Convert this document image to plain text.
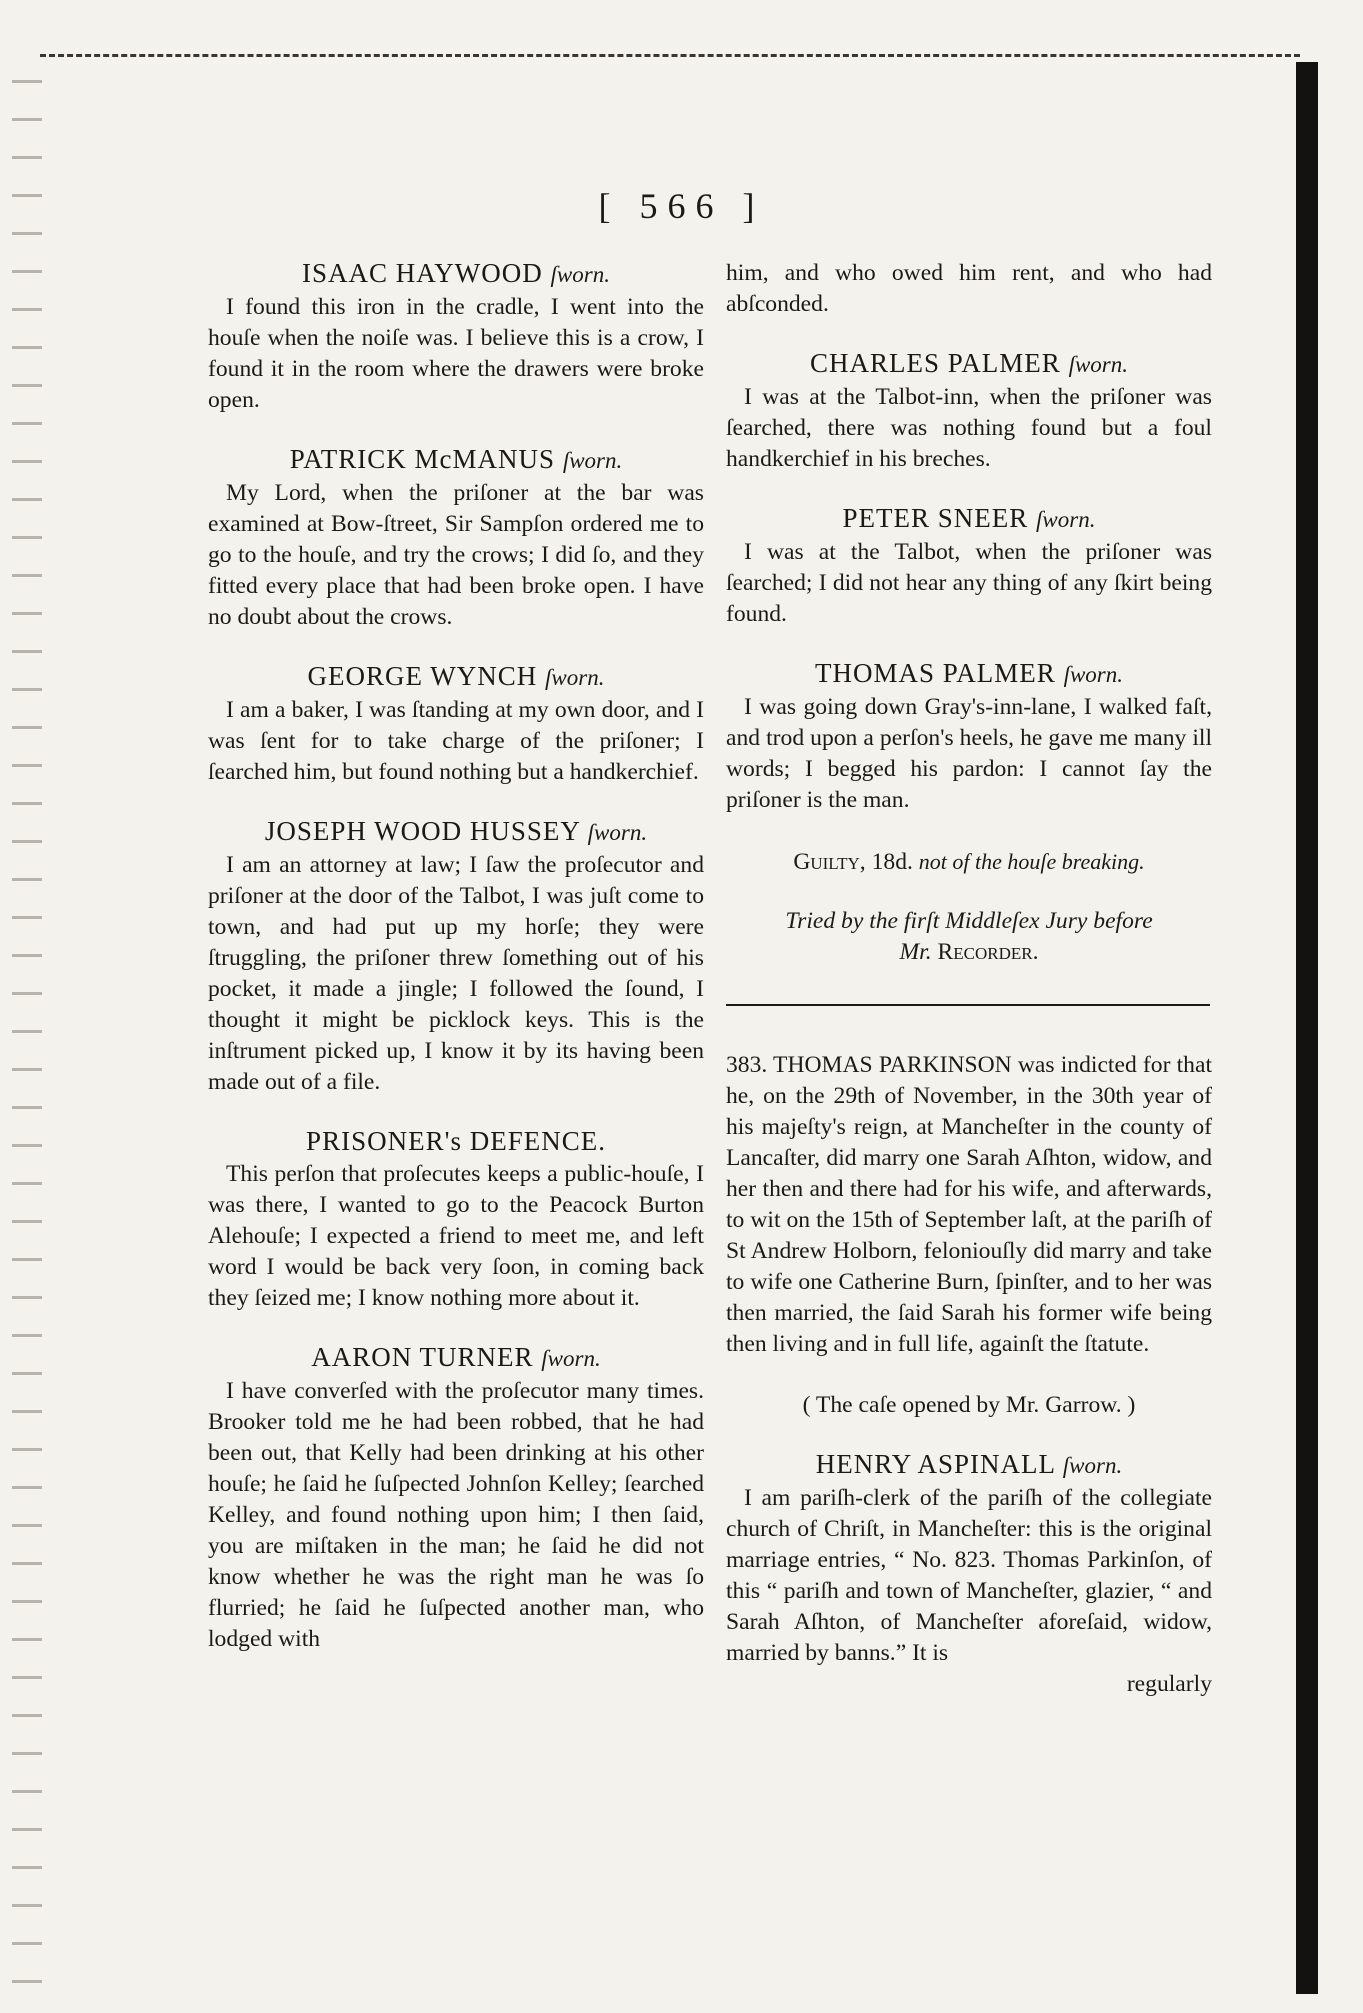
[ 566 ]
ISAAC HAYWOOD ſworn.

I found this iron in the cradle, I went into the houſe when the noiſe was. I believe this is a crow, I found it in the room where the drawers were broke open.

PATRICK McMANUS ſworn.

My Lord, when the priſoner at the bar was examined at Bow-ſtreet, Sir Sampſon ordered me to go to the houſe, and try the crows; I did ſo, and they fitted every place that had been broke open. I have no doubt about the crows.

GEORGE WYNCH ſworn.

I am a baker, I was ſtanding at my own door, and I was ſent for to take charge of the priſoner; I ſearched him, but found nothing but a handkerchief.

JOSEPH WOOD HUSSEY ſworn.

I am an attorney at law; I ſaw the proſecutor and priſoner at the door of the Talbot, I was juſt come to town, and had put up my horſe; they were ſtruggling, the priſoner threw ſomething out of his pocket, it made a jingle; I followed the ſound, I thought it might be picklock keys. This is the inſtrument picked up, I know it by its having been made out of a file.

PRISONER's DEFENCE.

This perſon that proſecutes keeps a public-houſe, I was there, I wanted to go to the Peacock Burton Alehouſe; I expected a friend to meet me, and left word I would be back very ſoon, in coming back they ſeized me; I know nothing more about it.

AARON TURNER ſworn.

I have converſed with the proſecutor many times. Brooker told me he had been robbed, that he had been out, that Kelly had been drinking at his other houſe; he ſaid he ſuſpected Johnſon Kelley; ſearched Kelley, and found nothing upon him; I then ſaid, you are miſtaken in the man; he ſaid he did not know whether he was the right man he was ſo flurried; he ſaid he ſuſpected another man, who lodged with

him, and who owed him rent, and who had abſconded.

CHARLES PALMER ſworn.

I was at the Talbot-inn, when the priſoner was ſearched, there was nothing found but a foul handkerchief in his breches.

PETER SNEER ſworn.

I was at the Talbot, when the priſoner was ſearched; I did not hear any thing of any ſkirt being found.

THOMAS PALMER ſworn.

I was going down Gray's-inn-lane, I walked faſt, and trod upon a perſon's heels, he gave me many ill words; I begged his pardon: I cannot ſay the priſoner is the man.

Guilty, 18d. not of the houſe breaking.
Tried by the firſt Middleſex Jury before
Mr. Recorder.

383. THOMAS PARKINSON was indicted for that he, on the 29th of November, in the 30th year of his majeſty's reign, at Mancheſter in the county of Lancaſter, did marry one Sarah Aſhton, widow, and her then and there had for his wife, and afterwards, to wit on the 15th of September laſt, at the pariſh of St Andrew Holborn, feloniouſly did marry and take to wife one Catherine Burn, ſpinſter, and to her was then married, the ſaid Sarah his former wife being then living and in full life, againſt the ſtatute.

( The caſe opened by Mr. Garrow. )

HENRY ASPINALL ſworn.

I am pariſh-clerk of the pariſh of the collegiate church of Chriſt, in Mancheſter: this is the original marriage entries, “ No. 823. Thomas Parkinſon, of this “ pariſh and town of Mancheſter, glazier, “ and Sarah Aſhton, of Mancheſter aforeſaid, widow, married by banns.” It is

regularly
